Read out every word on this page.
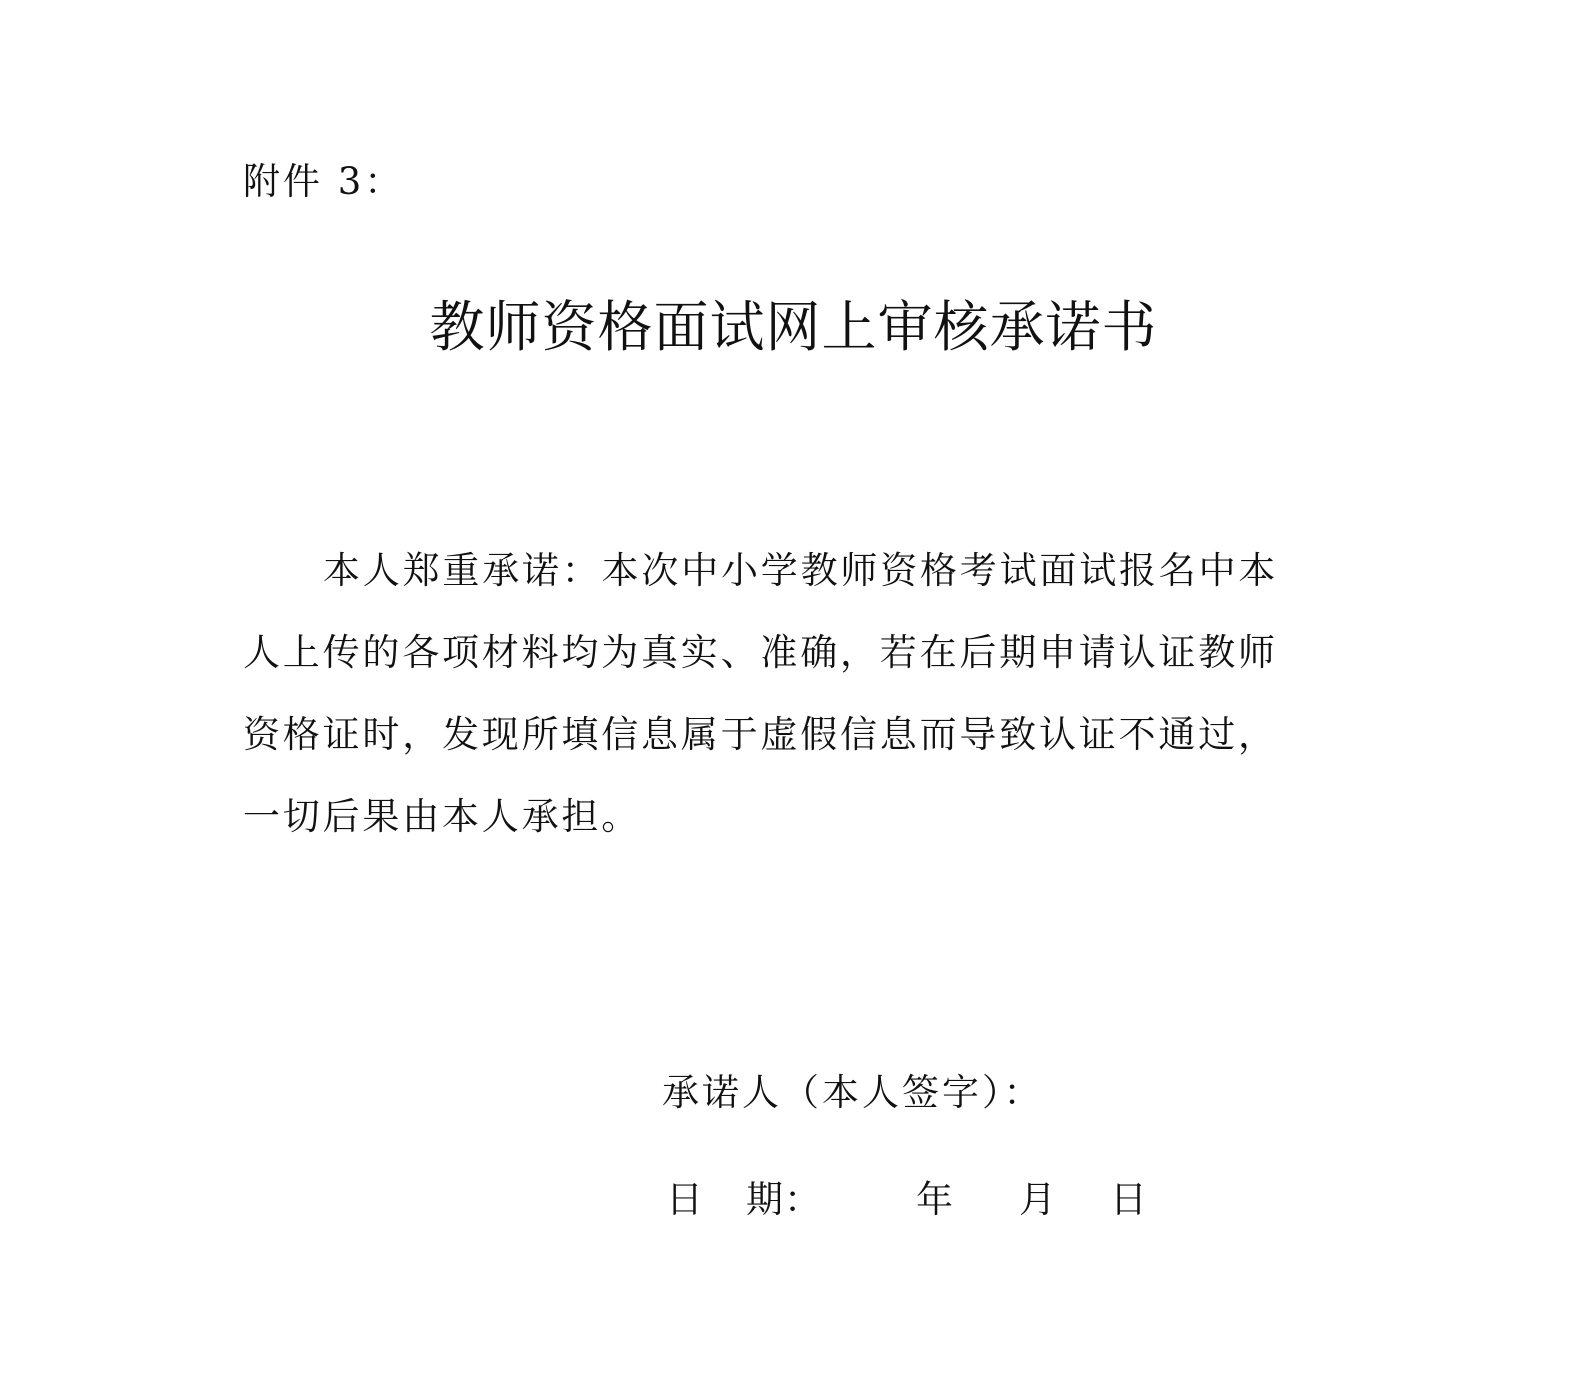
附件 3：
教师资格面试网上审核承诺书
本人郑重承诺：本次中小学教师资格考试面试报名中本
人上传的各项材料均为真实、准确，若在后期申请认证教师
资格证时，发现所填信息属于虚假信息而导致认证不通过，
一切后果由本人承担。
承诺人（本人签字）：
日 期 ：	年 月 日
